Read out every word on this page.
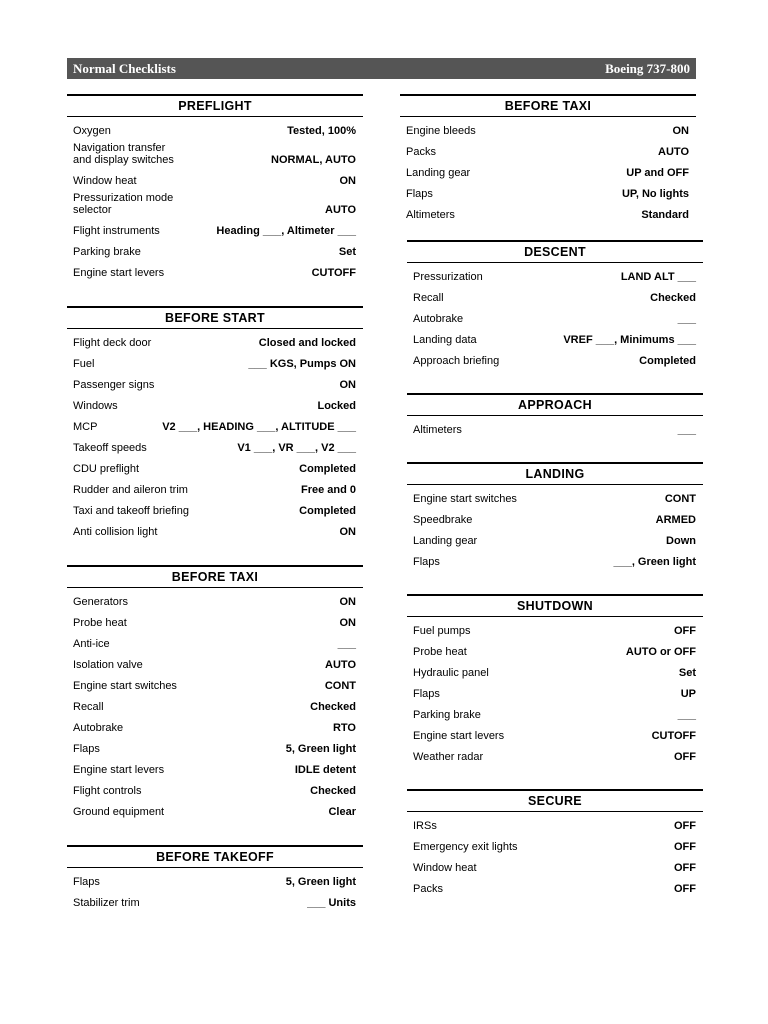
Normal Checklists	Boeing 737-800
PREFLIGHT
Oxygen	Tested, 100%
Navigation transfer
and display switches	NORMAL, AUTO
Window heat	ON
Pressurization mode
selector	AUTO
Flight instruments	Heading ___, Altimeter ___
Parking brake	Set
Engine start levers	CUTOFF
BEFORE START
Flight deck door	Closed and locked
Fuel	___ KGS, Pumps ON
Passenger signs	ON
Windows	Locked
MCP	V2 ___, HEADING ___, ALTITUDE ___
Takeoff speeds	V1 ___, VR ___, V2 ___
CDU preflight	Completed
Rudder and aileron trim	Free and 0
Taxi and takeoff briefing	Completed
Anti collision light	ON
BEFORE TAXI
Generators	ON
Probe heat	ON
Anti-ice	___
Isolation valve	AUTO
Engine start switches	CONT
Recall	Checked
Autobrake	RTO
Flaps	5, Green light
Engine start levers	IDLE detent
Flight controls	Checked
Ground equipment	Clear
BEFORE TAKEOFF
Flaps	5, Green light
Stabilizer trim	___ Units
BEFORE TAXI
Engine bleeds	ON
Packs	AUTO
Landing gear	UP and OFF
Flaps	UP, No lights
Altimeters	Standard
DESCENT
Pressurization	LAND ALT ___
Recall	Checked
Autobrake	___
Landing data	VREF ___, Minimums ___
Approach briefing	Completed
APPROACH
Altimeters	___
LANDING
Engine start switches	CONT
Speedbrake	ARMED
Landing gear	Down
Flaps	___, Green light
SHUTDOWN
Fuel pumps	OFF
Probe heat	AUTO or OFF
Hydraulic panel	Set
Flaps	UP
Parking brake	___
Engine start levers	CUTOFF
Weather radar	OFF
SECURE
IRSs	OFF
Emergency exit lights	OFF
Window heat	OFF
Packs	OFF
